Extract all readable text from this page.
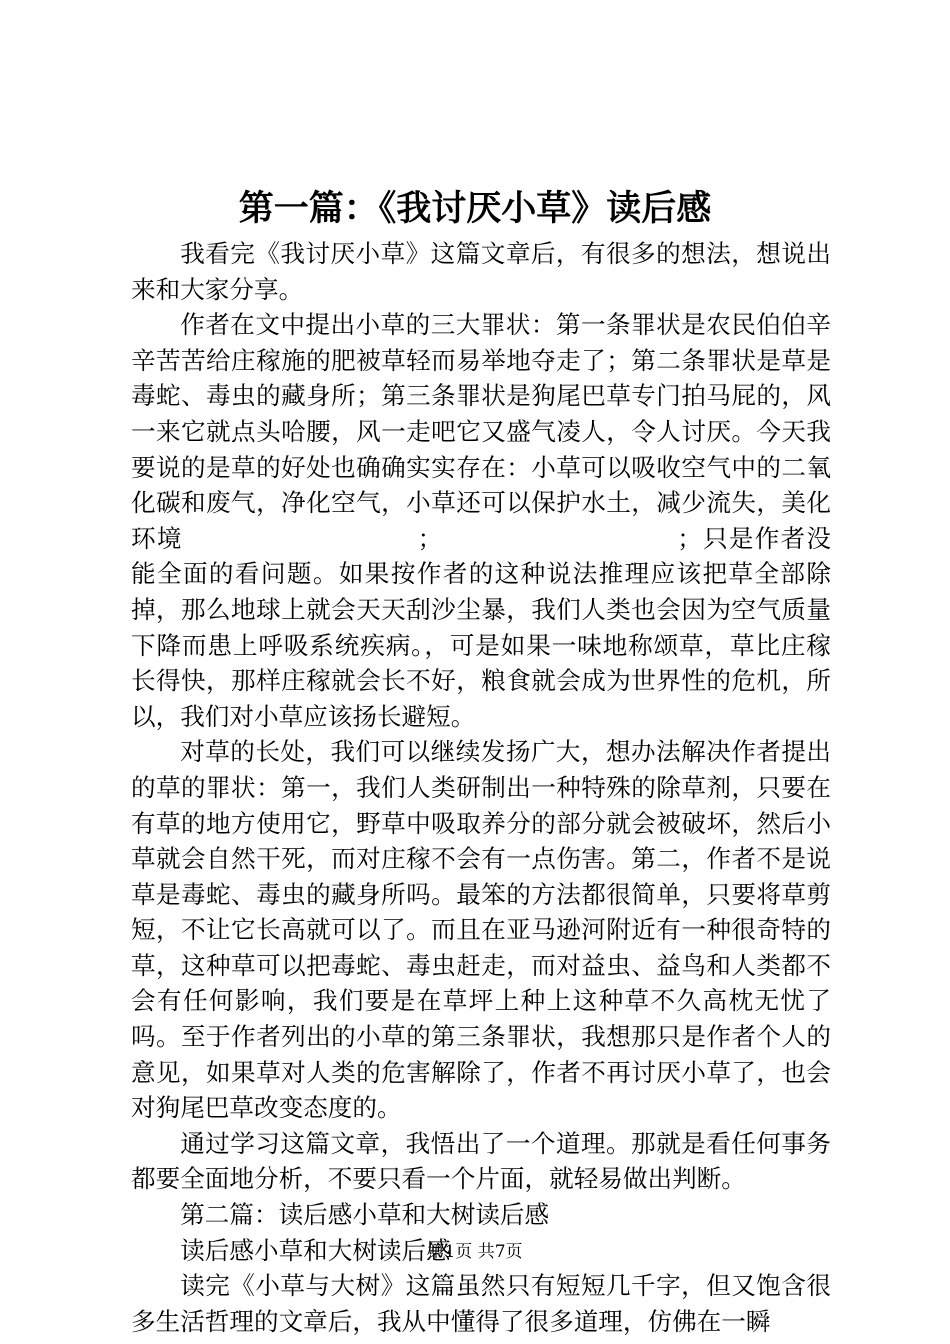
第一篇：《我讨厌小草》读后感

我看完《我讨厌小草》这篇文章后，有很多的想法，想说出来和大家分享。

作者在文中提出小草的三大罪状：第一条罪状是农民伯伯辛辛苦苦给庄稼施的肥被草轻而易举地夺走了；第二条罪状是草是毒蛇、毒虫的藏身所；第三条罪状是狗尾巴草专门拍马屁的，风一来它就点头哈腰，风一走吧它又盛气凌人，令人讨厌。今天我要说的是草的好处也确确实实存在：小草可以吸收空气中的二氧化碳和废气，净化空气，小草还可以保护水土，减少流失，美化环境	；	；只是作者没能全面的看问题。如果按作者的这种说法推理应该把草全部除掉，那么地球上就会天天刮沙尘暴，我们人类也会因为空气质量下降而患上呼吸系统疾病。，可是如果一味地称颂草，草比庄稼长得快，那样庄稼就会长不好，粮食就会成为世界性的危机，所以，我们对小草应该扬长避短。

对草的长处，我们可以继续发扬广大，想办法解决作者提出的草的罪状：第一，我们人类研制出一种特殊的除草剂，只要在有草的地方使用它，野草中吸取养分的部分就会被破坏，然后小草就会自然干死，而对庄稼不会有一点伤害。第二，作者不是说草是毒蛇、毒虫的藏身所吗。最笨的方法都很简单，只要将草剪短，不让它长高就可以了。而且在亚马逊河附近有一种很奇特的草，这种草可以把毒蛇、毒虫赶走，而对益虫、益鸟和人类都不会有任何影响，我们要是在草坪上种上这种草不久高枕无忧了吗。至于作者列出的小草的第三条罪状，我想那只是作者个人的意见，如果草对人类的危害解除了，作者不再讨厌小草了，也会对狗尾巴草改变态度的。

通过学习这篇文章，我悟出了一个道理。那就是看任何事务都要全面地分析，不要只看一个片面，就轻易做出判断。

第二篇：读后感小草和大树读后感

读后感小草和大树读后感

读完《小草与大树》这篇虽然只有短短几千字，但又饱含很多生活哲理的文章后，我从中懂得了很多道理，仿佛在一瞬

第1页 共7页
